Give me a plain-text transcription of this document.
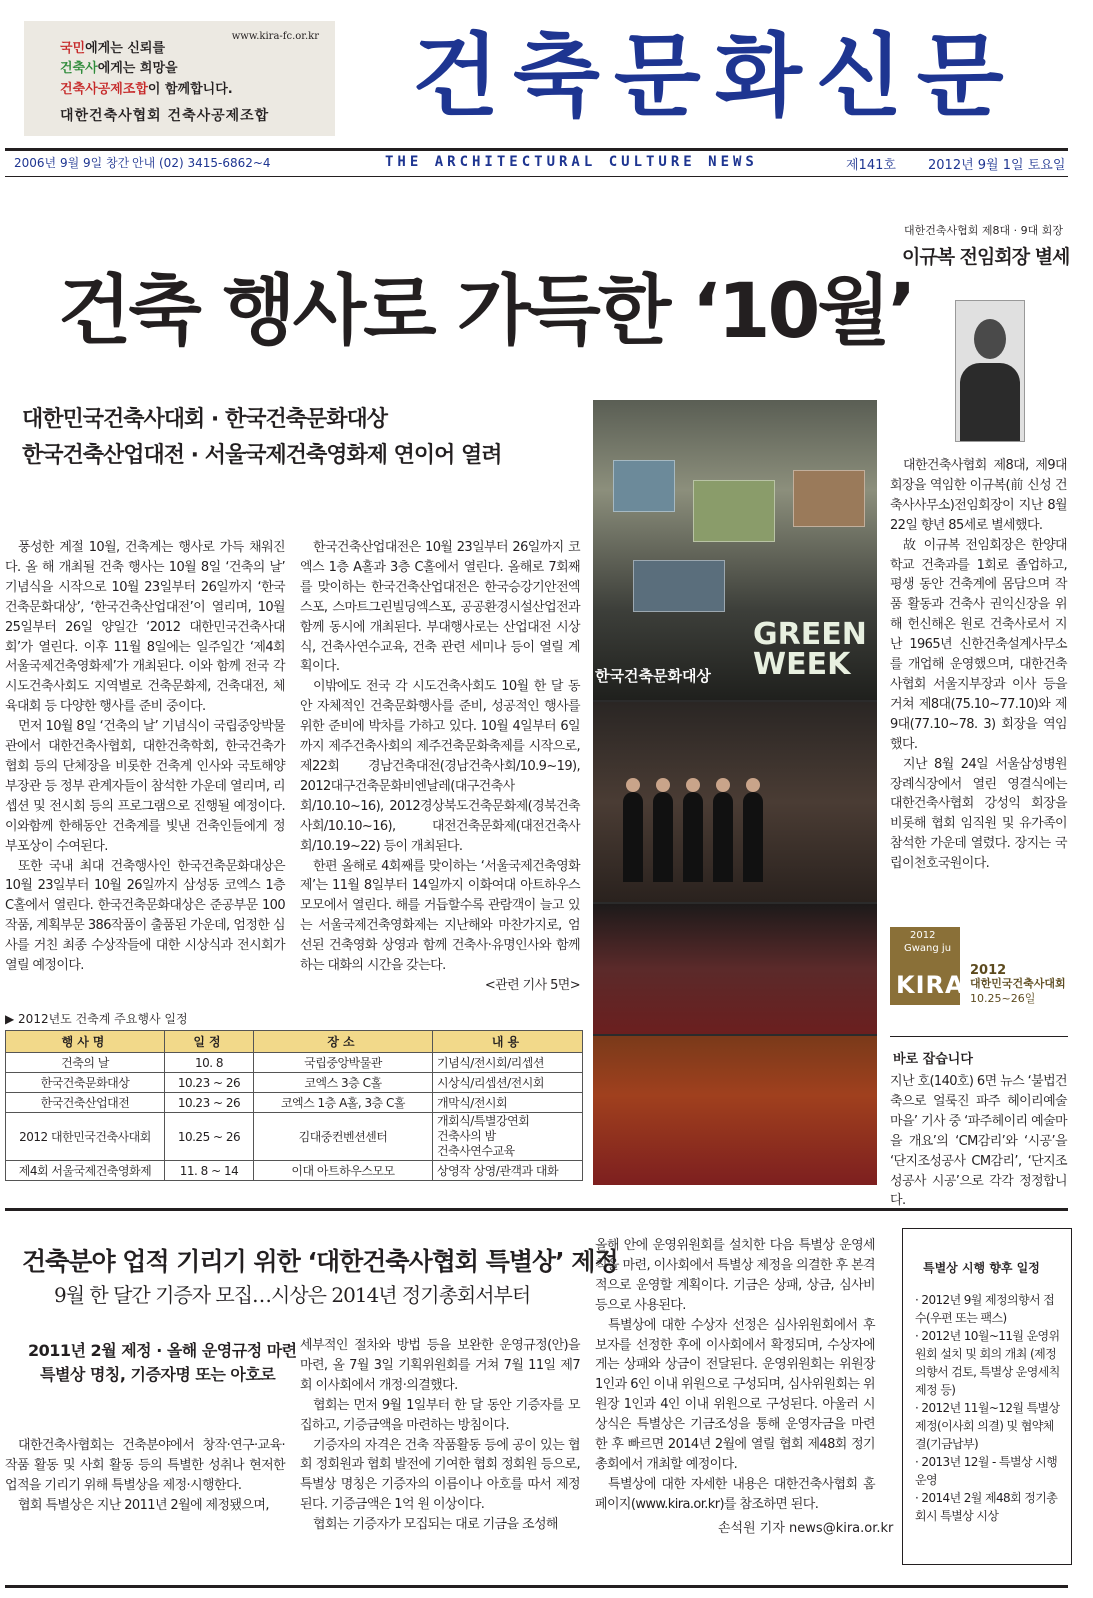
국민에게는 신뢰를
건축사에게는 희망을
건축사공제조합이 함께합니다.
www.kira-fc.or.kr
대한건축사협회 건축사공제조합 건축문화신문
2006년 9월 9일 창간 안내 (02) 3415-6862~4	THE ARCHITECTURAL CULTURE NEWS	제141호 2012년 9월 1일 토요일
건축 행사로 가득한 ‘10월’
대한민국건축사대회 · 한국건축문화대상
한국건축산업대전 · 서울국제건축영화제 연이어 열려

풍성한 계절 10월, 건축계는 행사로 가득 채워진다. 올 해 개최될 건축 행사는 10월 8일 ‘건축의 날’ 기념식을 시작으로 10월 23일부터 26일까지 ‘한국건축문화대상’, ‘한국건축산업대전’이 열리며, 10월 25일부터 26일 양일간 ‘2012 대한민국건축사대회’가 열린다. 이후 11월 8일에는 일주일간 ‘제4회 서울국제건축영화제’가 개최된다. 이와 함께 전국 각 시도건축사회도 지역별로 건축문화제, 건축대전, 체육대회 등 다양한 행사를 준비 중이다.

먼저 10월 8일 ‘건축의 날’ 기념식이 국립중앙박물관에서 대한건축사협회, 대한건축학회, 한국건축가협회 등의 단체장을 비롯한 건축계 인사와 국토해양부장관 등 정부 관계자들이 참석한 가운데 열리며, 리셉션 및 전시회 등의 프로그램으로 진행될 예정이다. 이와함께 한해동안 건축계를 빛낸 건축인들에게 정부포상이 수여된다.

또한 국내 최대 건축행사인 한국건축문화대상은 10월 23일부터 10월 26일까지 삼성동 코엑스 1층 C홀에서 열린다. 한국건축문화대상은 준공부문 100작품, 계획부문 386작품이 출품된 가운데, 엄정한 심사를 거친 최종 수상작들에 대한 시상식과 전시회가 열릴 예정이다.

한국건축산업대전은 10월 23일부터 26일까지 코엑스 1층 A홀과 3층 C홀에서 열린다. 올해로 7회째를 맞이하는 한국건축산업대전은 한국승강기안전엑스포, 스마트그린빌딩엑스포, 공공환경시설산업전과 함께 동시에 개최된다. 부대행사로는 산업대전 시상식, 건축사연수교육, 건축 관련 세미나 등이 열릴 계획이다.

이밖에도 전국 각 시도건축사회도 10월 한 달 동안 자체적인 건축문화행사를 준비, 성공적인 행사를 위한 준비에 박차를 가하고 있다. 10월 4일부터 6일까지 제주건축사회의 제주건축문화축제를 시작으로, 제22회 경남건축대전(경남건축사회/10.9~19), 2012대구건축문화비엔날레(대구건축사회/10.10~16), 2012경상북도건축문화제(경북건축사회/10.10~16), 대전건축문화제(대전건축사회/10.19~22) 등이 개최된다.

한편 올해로 4회째를 맞이하는 ‘서울국제건축영화제’는 11월 8일부터 14일까지 이화여대 아트하우스 모모에서 열린다. 해를 거듭할수록 관람객이 늘고 있는 서울국제건축영화제는 지난해와 마찬가지로, 엄선된 건축영화 상영과 함께 건축사·유명인사와 함께하는 대화의 시간을 갖는다.

<관련 기사 5면>
GREEN WEEK
한국건축문화대상
▶ 2012년도 건축계 주요행사 일정
행사명	일정	장소	내용
건축의 날	10. 8	국립중앙박물관	기념식/전시회/리셉션
한국건축문화대상	10.23 ~ 26	코엑스 3층 C홀	시상식/리셉션/전시회
한국건축산업대전	10.23 ~ 26	코엑스 1층 A홀, 3층 C홀	개막식/전시회
2012 대한민국건축사대회	10.25 ~ 26	김대중컨벤션센터	개회식/특별강연회
건축사의 밤
건축사연수교육
제4회 서울국제건축영화제	11. 8 ~ 14	이대 아트하우스모모	상영작 상영/관객과 대화
대한건축사협회 제8대 · 9대 회장
이규복 전임회장 별세

대한건축사협회 제8대, 제9대 회장을 역임한 이규복(前 신성 건축사사무소)전임회장이 지난 8월 22일 향년 85세로 별세했다.

故 이규복 전임회장은 한양대학교 건축과를 1회로 졸업하고, 평생 동안 건축계에 몸담으며 작품 활동과 건축사 권익신장을 위해 헌신해온 원로 건축사로서 지난 1965년 신한건축설계사무소를 개업해 운영했으며, 대한건축사협회 서울지부장과 이사 등을 거쳐 제8대(75.10~77.10)와 제9대(77.10~78. 3) 회장을 역임했다.

지난 8월 24일 서울삼성병원 장례식장에서 열린 영결식에는 대한건축사협회 강성익 회장을 비롯해 협회 임직원 및 유가족이 참석한 가운데 열렸다. 장지는 국립이천호국원이다.

2012
Gwang ju
KIRA
2012
대한민국건축사대회
10.25~26일
바로 잡습니다

지난 호(140호) 6면 뉴스 ‘불법건축으로 얼룩진 파주 헤이리예술마을’ 기사 중 ‘파주헤이리 예술마을 개요’의 ‘CM감리’와 ‘시공’을 ‘단지조성공사 CM감리’, ‘단지조성공사 시공’으로 각각 정정합니다.

건축분야 업적 기리기 위한 ‘대한건축사협회 특별상’ 제정
9월 한 달간 기증자 모집…시상은 2014년 정기총회서부터
2011년 2월 제정 · 올해 운영규정 마련
특별상 명칭, 기증자명 또는 아호로

대한건축사협회는 건축분야에서 창작·연구·교육·작품 활동 및 사회 활동 등의 특별한 성취나 현저한 업적을 기리기 위해 특별상을 제정·시행한다.

협회 특별상은 지난 2011년 2월에 제정됐으며,

세부적인 절차와 방법 등을 보완한 운영규정(안)을 마련, 올 7월 3일 기획위원회를 거쳐 7월 11일 제7회 이사회에서 개정·의결했다.

협회는 먼저 9월 1일부터 한 달 동안 기증자를 모집하고, 기증금액을 마련하는 방침이다.

기증자의 자격은 건축 작품활동 등에 공이 있는 협회 정회원과 협회 발전에 기여한 협회 정회원 등으로, 특별상 명칭은 기증자의 이름이나 아호를 따서 제정된다. 기증금액은 1억 원 이상이다.

협회는 기증자가 모집되는 대로 기금을 조성해

올해 안에 운영위원회를 설치한 다음 특별상 운영세칙을 마련, 이사회에서 특별상 제정을 의결한 후 본격적으로 운영할 계획이다. 기금은 상패, 상금, 심사비 등으로 사용된다.

특별상에 대한 수상자 선정은 심사위원회에서 후보자를 선정한 후에 이사회에서 확정되며, 수상자에게는 상패와 상금이 전달된다. 운영위원회는 위원장 1인과 6인 이내 위원으로 구성되며, 심사위원회는 위원장 1인과 4인 이내 위원으로 구성된다. 아울러 시상식은 특별상은 기금조성을 통해 운영자금을 마련한 후 빠르면 2014년 2월에 열릴 협회 제48회 정기총회에서 개최할 예정이다.

특별상에 대한 자세한 내용은 대한건축사협회 홈페이지(www.kira.or.kr)를 참조하면 된다.

손석원 기자 news@kira.or.kr
특별상 시행 향후 일정
· 2012년 9월 제정의향서 접수(우편 또는 팩스)
· 2012년 10월~11월 운영위원회 설치 및 회의 개최 (제정의향서 검토, 특별상 운영세칙 제정 등)
· 2012년 11월~12월 특별상 제정(이사회 의결) 및 협약체결(기금납부)
· 2013년 12월 - 특별상 시행 운영
· 2014년 2월 제48회 정기총회시 특별상 시상
